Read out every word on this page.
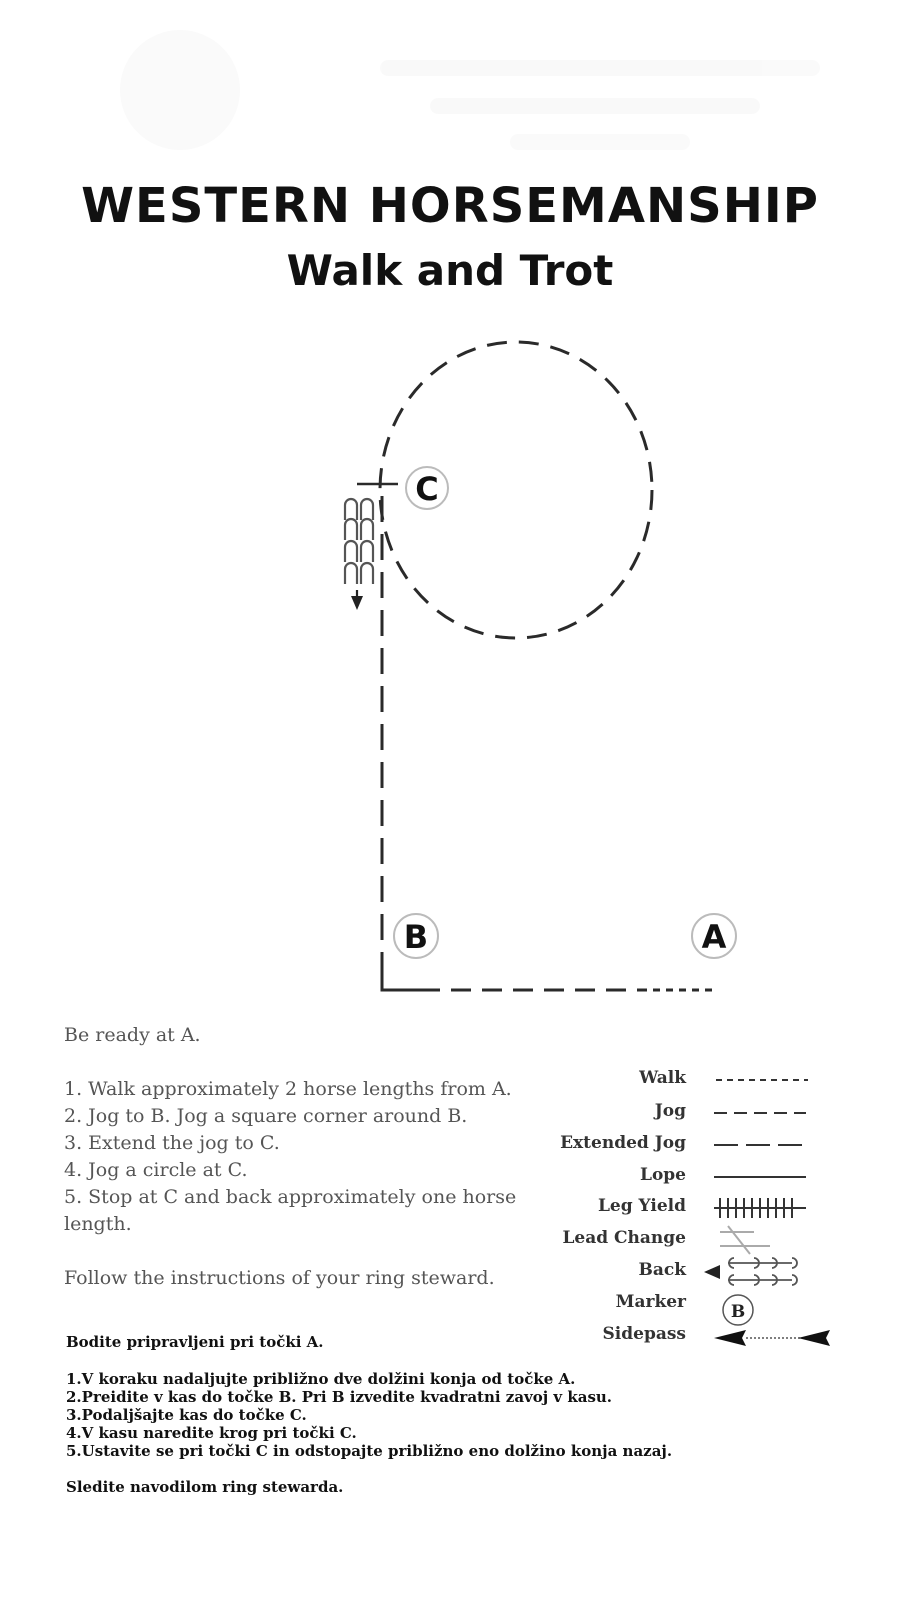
WESTERN HORSEMANSHIP
Walk and Trot
C
B	A
B
Be ready at A.
1. Walk approximately 2 horse lengths from A.
2. Jog to B. Jog a square corner around B.
3. Extend the jog to C.
4. Jog a circle at C.
5. Stop at C and back approximately one horse
length.
Follow the instructions of your ring steward.
Walk
Jog
Extended Jog
Lope
Leg Yield
Lead Change
Back
Marker
Sidepass
Bodite pripravljeni pri točki A.
1.V koraku nadaljujte približno dve dolžini konja od točke A.
2.Preidite v kas do točke B. Pri B izvedite kvadratni zavoj v kasu.
3.Podaljšajte kas do točke C.
4.V kasu naredite krog pri točki C.
5.Ustavite se pri točki C in odstopajte približno eno dolžino konja nazaj.
Sledite navodilom ring stewarda.
